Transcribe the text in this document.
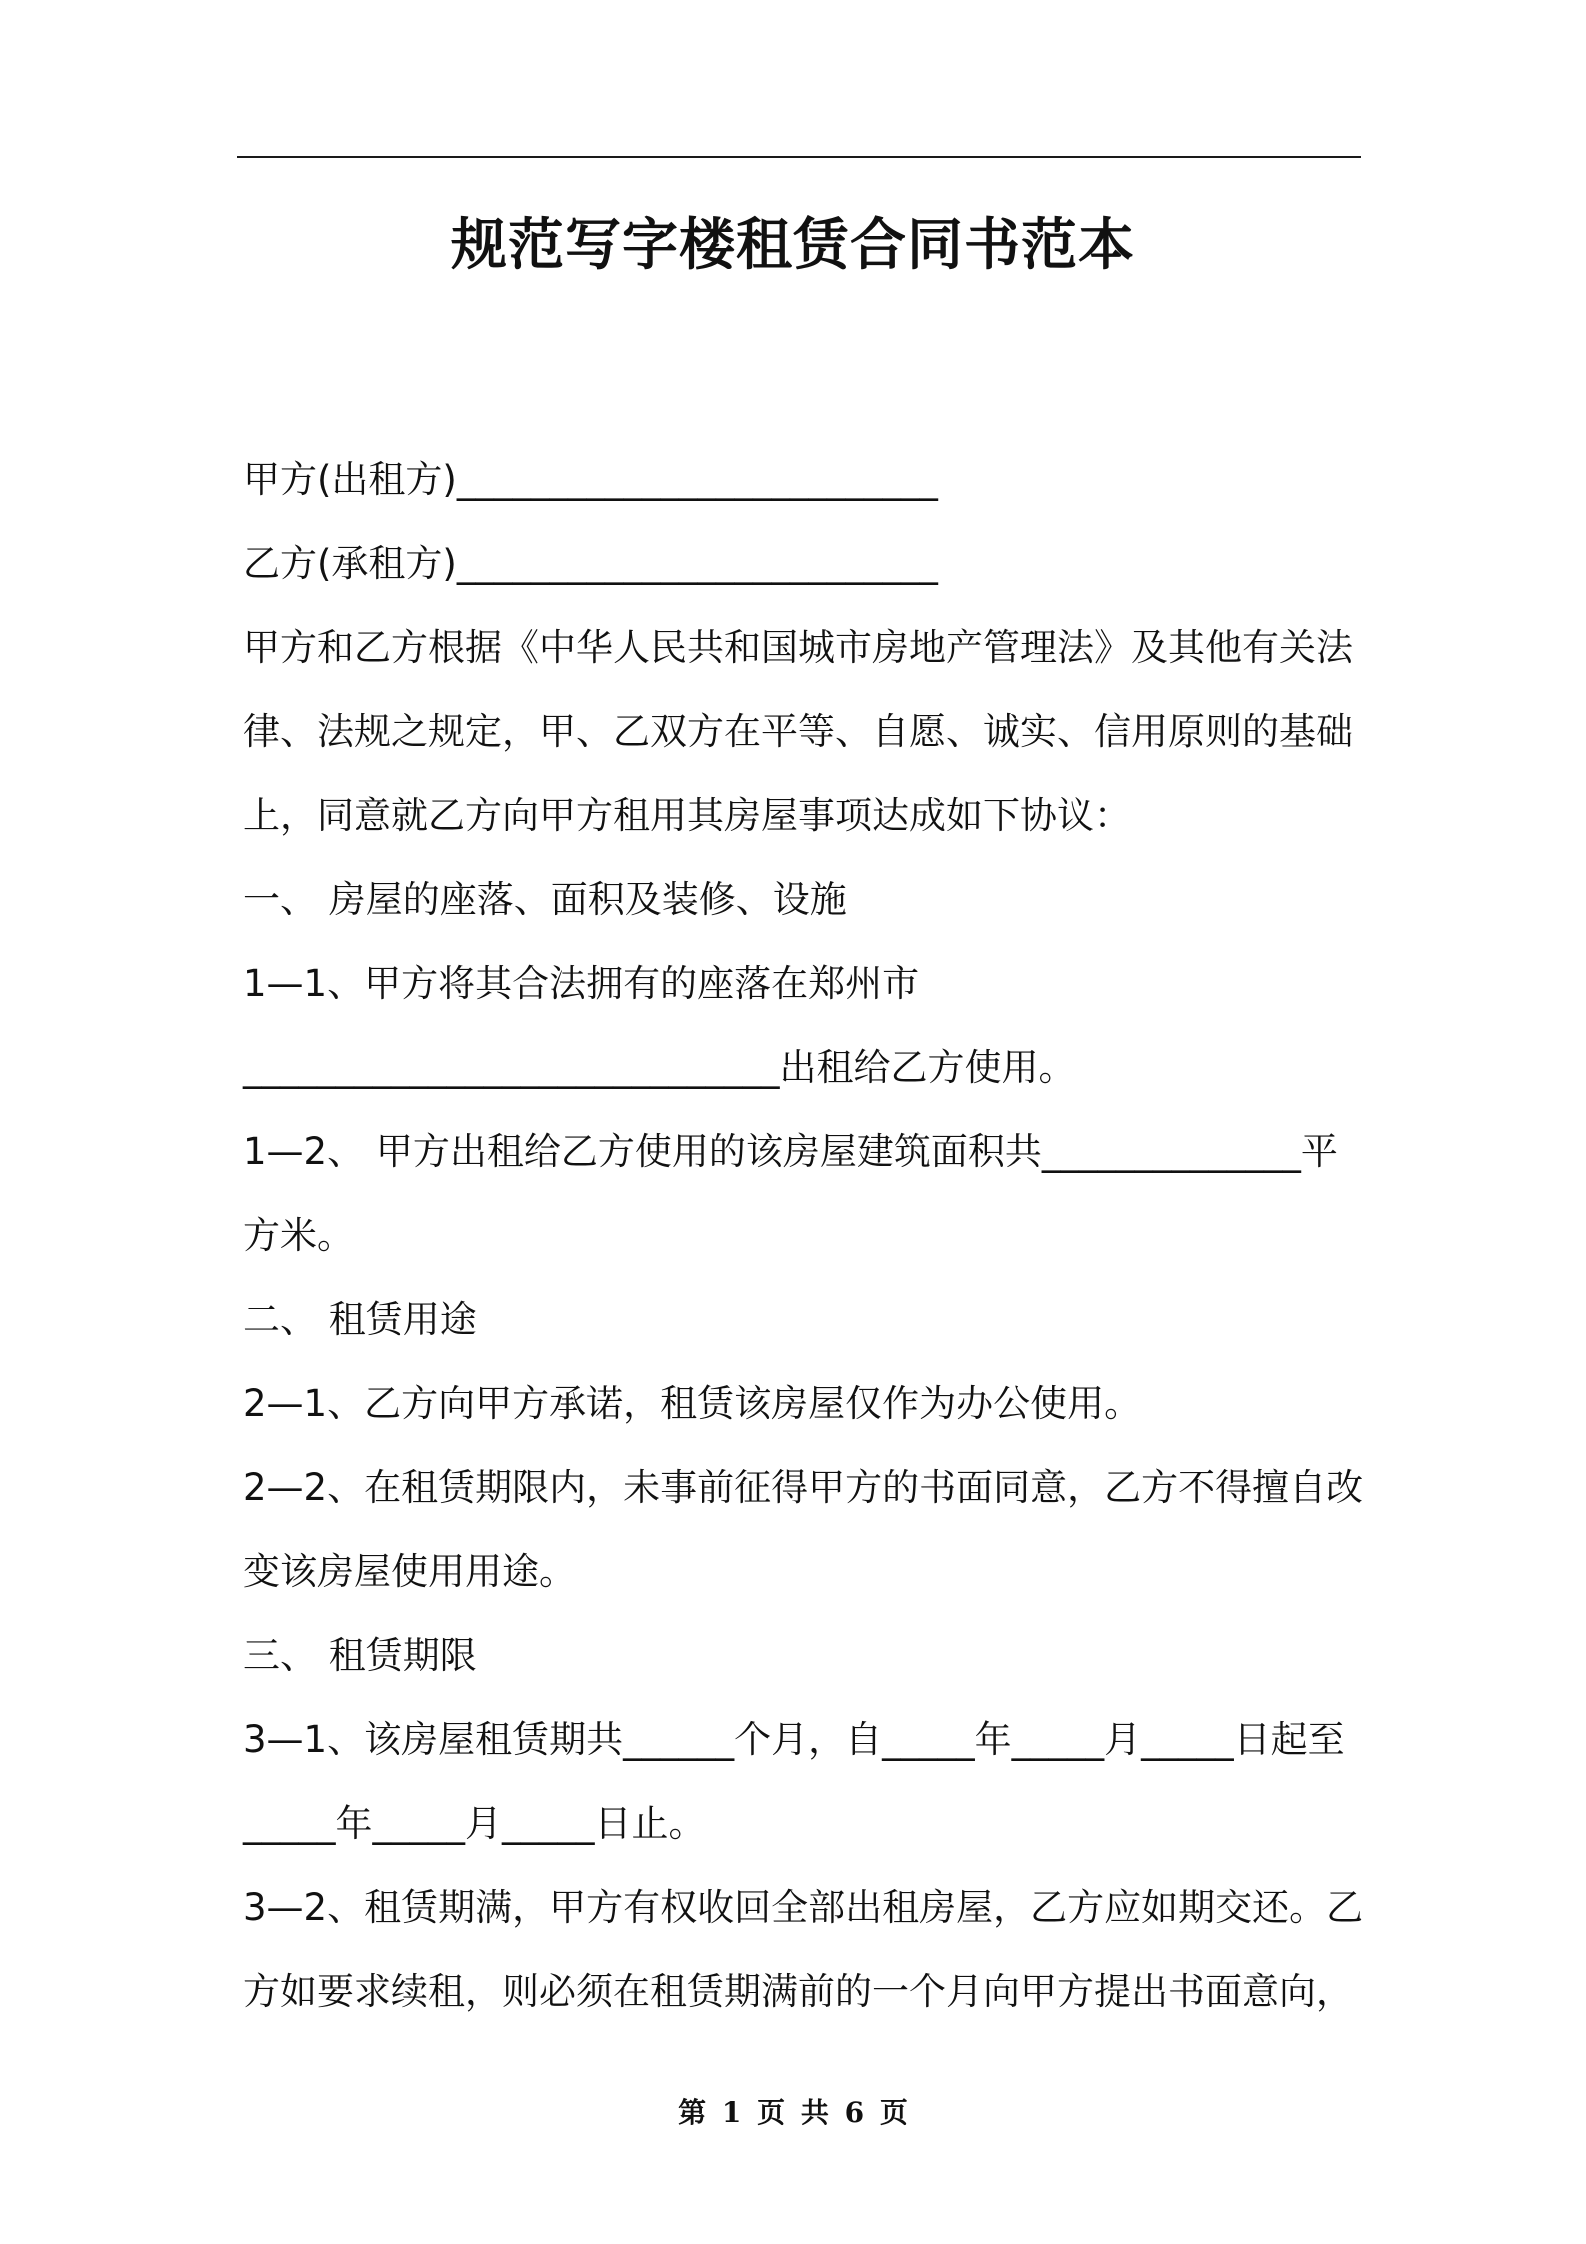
规范写字楼租赁合同书范本
甲方(出租方)__________________________
乙方(承租方)__________________________
甲方和乙方根据《中华人民共和国城市房地产管理法》及其他有关法
律、法规之规定，甲、乙双方在平等、自愿、诚实、信用原则的基础
上，同意就乙方向甲方租用其房屋事项达成如下协议：
一、 房屋的座落、面积及装修、设施
1—1、甲方将其合法拥有的座落在郑州市
_____________________________出租给乙方使用。
1—2、 甲方出租给乙方使用的该房屋建筑面积共______________平
方米。
二、 租赁用途
2—1、乙方向甲方承诺，租赁该房屋仅作为办公使用。
2—2、在租赁期限内，未事前征得甲方的书面同意，乙方不得擅自改
变该房屋使用用途。
三、 租赁期限
3—1、该房屋租赁期共______个月，自_____年_____月_____日起至
_____年_____月_____日止。
3—2、租赁期满，甲方有权收回全部出租房屋，乙方应如期交还。乙
方如要求续租，则必须在租赁期满前的一个月向甲方提出书面意向，
第 1 页 共 6 页
